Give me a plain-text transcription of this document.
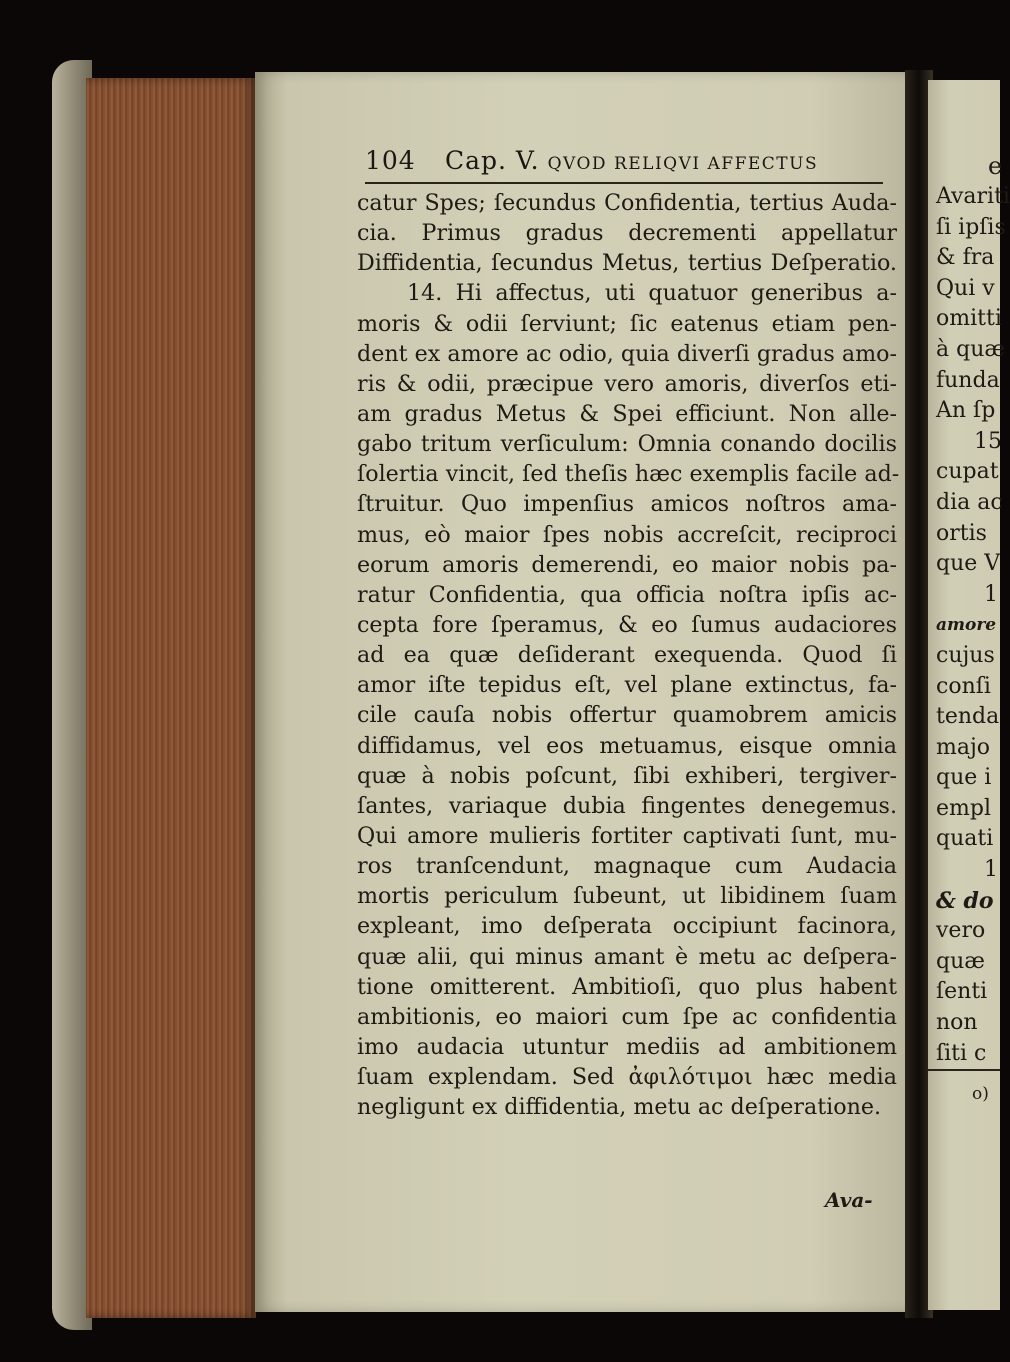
104 Cap. V. QVOD RELIQVI AFFECTUS
catur Spes; ſecundus Confidentia, tertius Auda-
cia. Primus gradus decrementi appellatur
Diffidentia, ſecundus Metus, tertius Deſperatio.
14. Hi affectus, uti quatuor generibus a-
moris & odii ſerviunt; ſic eatenus etiam pen-
dent ex amore ac odio, quia diverſi gradus amo-
ris & odii, præcipue vero amoris, diverſos eti-
am gradus Metus & Spei efficiunt. Non alle-
gabo tritum verſiculum: Omnia conando docilis
ſolertia vincit, ſed theſis hæc exemplis facile ad-
ſtruitur. Quo impenſius amicos noſtros ama-
mus, eò maior ſpes nobis accreſcit, reciproci
eorum amoris demerendi, eo maior nobis pa-
ratur Confidentia, qua officia noſtra ipſis ac-
cepta fore ſperamus, & eo ſumus audaciores
ad ea quæ deſiderant exequenda. Quod ſi
amor iſte tepidus eſt, vel plane extinctus, fa-
cile cauſa nobis offertur quamobrem amicis
diffidamus, vel eos metuamus, eisque omnia
quæ à nobis poſcunt, ſibi exhiberi, tergiver-
ſantes, variaque dubia fingentes denegemus.
Qui amore mulieris fortiter captivati ſunt, mu-
ros tranſcendunt, magnaque cum Audacia
mortis periculum ſubeunt, ut libidinem ſuam
expleant, imo deſperata occipiunt facinora,
quæ alii, qui minus amant è metu ac deſpera-
tione omitterent. Ambitioſi, quo plus habent
ambitionis, eo maiori cum ſpe ac confidentia
imo audacia utuntur mediis ad ambitionem
ſuam explendam. Sed ἀφιλότιμοι hæc media
negligunt ex diffidentia, metu ac deſperatione.
Ava-
Avariti
ſi ipſis
& fra
Qui v
omitti
à quæ
funda
An ſp
15
cupat
dia ac
ortis
que V
1
amore
cujus
conſi
tenda
majo
que i
empl
quati
1
& do
vero
quæ
ſenti
non
ſiti c
o)
e
